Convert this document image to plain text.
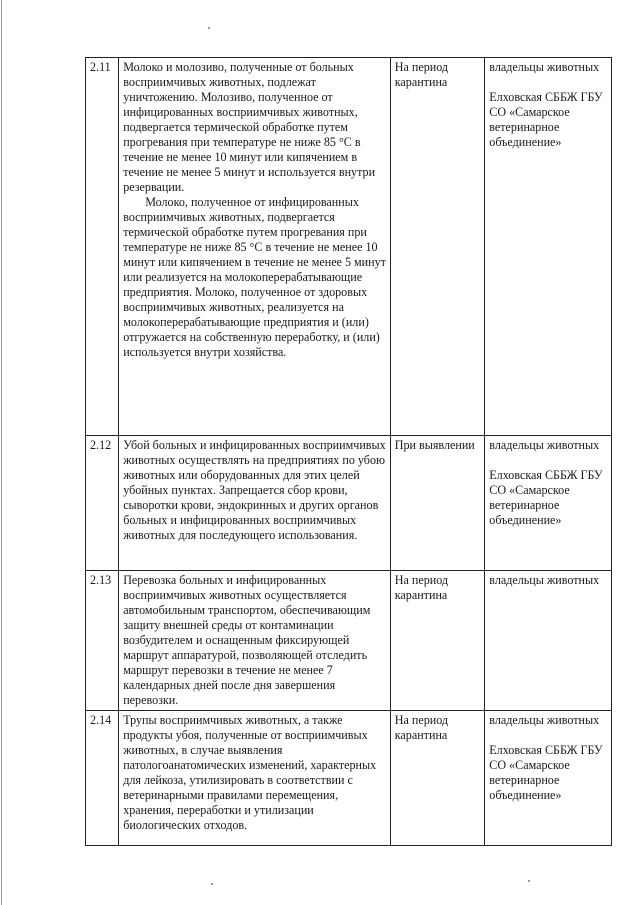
2.11	Молоко и молозиво, полученные от больных восприимчивых животных, подлежат уничтожению. Молозиво, полученное от инфицированных восприимчивых животных, подвергается термической обработке путем прогревания при температуре не ниже 85 °С в течение не менее 10 минут или кипячением в течение не менее 5 минут и используется внутри резервации.
Молоко, полученное от инфицированных восприимчивых животных, подвергается термической обработке путем прогревания при температуре не ниже 85 °С в течение не менее 10 минут или кипячением в течение не менее 5 минут или реализуется на молокоперерабатывающие предприятия. Молоко, полученное от здоровых восприимчивых животных, реализуется на молокоперерабатывающие предприятия и (или) отгружается на собственную переработку, и (или) используется внутри хозяйства.	На период карантина	владельцы животных
Елховская СББЖ ГБУ СО «Самарское ветеринарное объединение»

2.12	Убой больных и инфицированных восприимчивых животных осуществлять на предприятиях по убою животных или оборудованных для этих целей убойных пунктах. Запрещается сбор крови, сыворотки крови, эндокринных и других органов больных и инфицированных восприимчивых животных для последующего использования.	При выявлении	владельцы животных
Елховская СББЖ ГБУ СО «Самарское ветеринарное объединение»

2.13	Перевозка больных и инфицированных восприимчивых животных осуществляется автомобильным транспортом, обеспечивающим защиту внешней среды от контаминации возбудителем и оснащенным фиксирующей маршрут аппаратурой, позволяющей отследить маршрут перевозки в течение не менее 7 календарных дней после дня завершения перевозки.	На период карантина	владельцы животных

2.14	Трупы восприимчивых животных, а также продукты убоя, полученные от восприимчивых животных, в случае выявления патологоанатомических изменений, характерных для лейкоза, утилизировать в соответствии с ветеринарными правилами перемещения, хранения, переработки и утилизации биологических отходов.	На период карантина	владельцы животных
Елховская СББЖ ГБУ СО «Самарское ветеринарное объединение»
